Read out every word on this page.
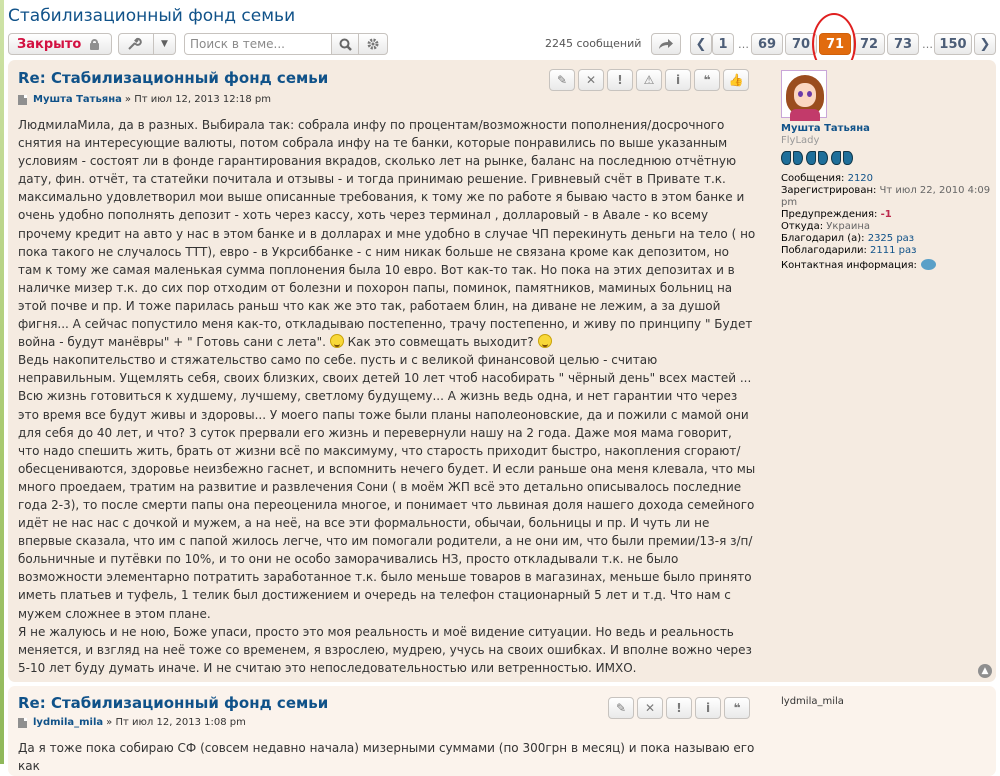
Стабилизационный фонд семьи
Закрыто	▼
Поиск в теме...	2245 сообщений	❮ 1 … 69	70	71	72	73 … 150 ❯
Re: Стабилизационный фонд семьи
Мушта Татьяна » Пт июл 12, 2013 12:18 pm
✎ ✕ ! ⚠ i ❝ 👍

ЛюдмилаМила, да в разных. Выбирала так: собрала инфу по процентам/возможности пополнения/досрочного снятия на интересующие валюты, потом собрала инфу на те банки, которые понравились по выше указанным условиям - состоят ли в фонде гарантирования вкрадов, сколько лет на рынке, баланс на последнюю отчётную дату, фин. отчёт, та статейки почитала и отзывы - и тогда принимаю решение. Гривневый счёт в Привате т.к. максимально удовлетворил мои выше описанные требования, к тому же по работе я бываю часто в этом банке и очень удобно пополнять депозит - хоть через кассу, хоть через терминал , долларовый - в Авале - ко всему прочему кредит на авто у нас в этом банке и в долларах и мне удобно в случае ЧП перекинуть деньги на тело ( но пока такого не случалось ТТТ), евро - в Укрсиббанке - с ним никак больше не связана кроме как депозитом, но там к тому же самая маленькая сумма поплонения была 10 евро. Вот как-то так. Но пока на этих депозитах и в наличке мизер т.к. до сих пор отходим от болезни и похорон папы, поминок, памятников, маминых больниц на этой почве и пр. И тоже парилась раньш что как же это так, работаем блин, на диване не лежим, а за душой фигня... А сейчас попустило меня как-то, откладываю постепенно, трачу постепенно, и живу по принципу " Будет война - будут манёвры" + " Готовь сани с лета". Как это совмещать выходит?

Ведь накопительство и стяжательство само по себе. пусть и с великой финансовой целью - считаю неправильным. Ущемлять себя, своих близких, своих детей 10 лет чтоб насобирать " чёрный день" всех мастей ... Всю жизнь готовиться к худшему, лучшему, светлому будущему... А жизнь ведь одна, и нет гарантии что через это время все будут живы и здоровы... У моего папы тоже были планы наполеоновские, да и пожили с мамой они для себя до 40 лет, и что? 3 суток прервали его жизнь и перевернули нашу на 2 года. Даже моя мама говорит, что надо спешить жить, брать от жизни всё по максимуму, что старость приходит быстро, накопления сгорают/обесцениваются, здоровье неизбежно гаснет, и вспомнить нечего будет. И если раньше она меня клевала, что мы много проедаем, тратим на развитие и развлечения Сони ( в моём ЖП всё это детально описывалось последние года 2-3), то после смерти папы она переоценила многое, и понимает что львиная доля нашего дохода семейного идёт не нас нас с дочкой и мужем, а на неё, на все эти формальности, обычаи, больницы и пр. И чуть ли не впервые сказала, что им с папой жилось легче, что им помогали родители, а не они им, что были премии/13-я з/п/ больничные и путёвки по 10%, и то они не особо заморачивались НЗ, просто откладывали т.к. не было возможности элементарно потратить заработанное т.к. было меньше товаров в магазинах, меньше было принято иметь платьев и туфель, 1 телик был достижением и очередь на телефон стационарный 5 лет и т.д. Что нам с мужем сложнее в этом плане.

Я не жалуюсь и не ною, Боже упаси, просто это моя реальность и моё видение ситуации. Но ведь и реальность меняется, и взгляд на неё тоже со временем, я взрослею, мудрею, учусь на своих ошибках. И вполне вожно через 5-10 лет буду думать иначе. И не считаю это непоследовательностью или ветренностью. ИМХО.

Мушта Татьяна
FlyLady
Сообщения: 2120
Зарегистрирован: Чт июл 22, 2010 4:09 pm
Предупреждения: -1
Откуда: Украина
Благодарил (а): 2325 раз
Поблагодарили: 2111 раз
Контактная информация:
▲
Re: Стабилизационный фонд семьи
lydmila_mila » Пт июл 12, 2013 1:08 pm
✎ ✕ ! i ❝

Да я тоже пока собираю СФ (совсем недавно начала) мизерными суммами (по 300грн в месяц) и пока называю его как

lydmila_mila
